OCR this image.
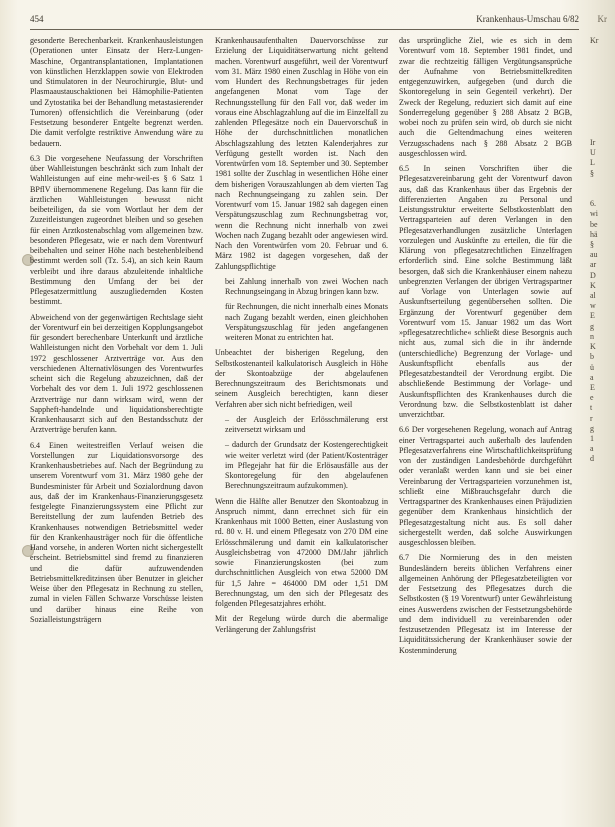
454	Krankenhaus-Umschau 6/82 Kr

gesonderte Berechenbarkeit. Krankenhausleistungen (Operationen unter Einsatz der Herz-Lungen-Maschine, Organtransplantationen, Implantationen von künstlichen Herzklappen sowie von Elektroden und Stimulatoren in der Neurochirurgie, Blut- und Plasmaaustauschaktionen bei Hämophilie-Patienten und Zytostatika bei der Behandlung metastasierender Tumoren) offensichtlich die Vereinbarung (oder Festsetzung besonderer Entgelte begrenzt werden. Die damit verfolgte restriktive Anwendung wäre zu bedauern.

6.3 Die vorgesehene Neufassung der Vorschriften über Wahlleistungen beschränkt sich zum Inhalt der Wahlleistungen auf eine mehr-weil-es § 6 Satz 1 BPflV übernommenene Regelung. Das kann für die ärztlichen Wahlleistungen bewusst nicht beibeteiligen, da sie vom Wortlaut her dem der Zuzeitleistungen zugeordnet bleiben und so gesehen für einen Arztkostenabschlag vom allgemeinen bzw. besonderen Pflegesatz, wie er nach dem Vorentwurf beibehalten und seiner Höhe nach bestehenbleibend bestimmt werden soll (Tz. 5.4), an sich kein Raum verbleibt und ihre daraus abzuleitende inhaltliche Bestimmung den Umfang der bei der Pflegesatzermittlung auszugliedernden Kosten bestimmt.

Abweichend von der gegenwärtigen Rechtslage sieht der Vorentwurf ein bei derzeitigen Kopplungsangebot für gesondert berechenbare Unterkunft und ärztliche Wahlleistungen nicht den Vorbehalt vor dem 1. Juli 1972 geschlossener Arztverträge vor. Aus den verschiedenen Alternativlösungen des Vorentwurfes scheint sich die Regelung abzuzeichnen, daß der Vorbehalt des vor dem 1. Juli 1972 geschlossenen Arztverträge nur dann wirksam wird, wenn der Sappheft-handelnde und liquidationsberechtigte Krankenhausarzt sich auf den Bestandsschutz der Arztverträge berufen kann.

6.4 Einen weitestreiflen Verlauf weisen die Vorstellungen zur Liquidationsvorsorge des Krankenhausbetriebes auf. Nach der Begründung zu unserem Vorentwurf vom 31. März 1980 gehe der Bundesminister für Arbeit und Sozialordnung davon aus, daß der im Krankenhaus-Finanzierungsgesetz festgelegte Finanzierungssystem eine Pflicht zur Bereitstellung der zum laufenden Betrieb des Krankenhauses notwendigen Betriebsmittel weder für den Krankenhausträger noch für die öffentliche Hand vorsehe, in anderen Worten nicht sichergestellt erscheint. Betriebsmittel sind fremd zu finanzieren und die dafür aufzuwendenden Betriebsmittelkreditzinsen über Benutzer in gleicher Weise über den Pflegesatz in Rechnung zu stellen, zumal in vielen Fällen Schwarze Vorschüsse leisten und darüber hinaus eine Reihe von Sozialleistungsträgern

Krankenhausaufenthalten Dauervorschüsse zur Erzielung der Liquiditätserwartung nicht geltend machen. Vorentwurf ausgeführt, weil der Vorentwurf vom 31. März 1980 einen Zuschlag in Höhe von ein vom Hundert des Rechnungsbetrages für jeden angefangenen Monat vom Tage der Rechnungsstellung für den Fall vor, daß weder im voraus eine Abschlagzahlung auf die im Einzelfall zu zahlenden Pflegesätze noch ein Dauervorschuß in Höhe der durchschnittlichen monatlichen Abschlagszahlung des letzten Kalenderjahres zur Verfügung gestellt worden ist. Nach den Vorentwürfen vom 18. September und 30. September 1981 sollte der Zuschlag in wesentlichen Höhe einer dem bisherigen Vorauszahlungen ab dem vierten Tag nach Rechnungseingang zu zahlen sein. Der Vorentwurf vom 15. Januar 1982 sah dagegen einen Verspätungszuschlag zum Rechnungsbetrag vor, wenn die Rechnung nicht innerhalb von zwei Wochen nach Zugang bezahlt oder angewiesen wird. Nach den Vorentwürfen vom 20. Februar und 6. März 1982 ist dagegen vorgesehen, daß der Zahlungspflichtige

bei Zahlung innerhalb von zwei Wochen nach Rechnungseingang in Abzug bringen kann bzw.

für Rechnungen, die nicht innerhalb eines Monats nach Zugang bezahlt werden, einen gleichhohen Verspätungszuschlag für jeden angefangenen weiteren Monat zu entrichten hat.

Unbeachtet der bisherigen Regelung, den Selbstkostenanteil kalkulatorisch Ausgleich in Höhe der Skontoabzüge der abgelaufenen Berechnungszeitraum des Berichtsmonats und seinem Ausgleich berechtigten, kann dieser Verfahren aber sich nicht befriedigen, weil

– der Ausgleich der Erlösschmälerung erst zeitversetzt wirksam und

– dadurch der Grundsatz der Kostengerechtigkeit wie weiter verletzt wird (der Patient/Kostenträger im Pflegejahr hat für die Erlösausfälle aus der Skontoregelung für den abgelaufenen Berechnungszeitraum aufzukommen).

Wenn die Hälfte aller Benutzer den Skontoabzug in Anspruch nimmt, dann errechnet sich für ein Krankenhaus mit 1000 Betten, einer Auslastung von rd. 80 v. H. und einem Pflegesatz von 270 DM eine Erlösschmälerung und damit ein kalkulatorischer Ausgleichsbetrag von 472000 DM/Jahr jährlich sowie Finanzierungskosten (bei zum durchschnittlichen Ausgleich von etwa 52000 DM für 1,5 Jahre = 464000 DM oder 1,51 DM Berechnungstag, um den sich der Pflegesatz des folgenden Pflegesatzjahres erhöht.

Mit der Regelung würde durch die abermalige Verlängerung der Zahlungsfrist

das ursprüngliche Ziel, wie es sich in dem Vorentwurf vom 18. September 1981 findet, und zwar die rechtzeitig fälligen Vergütungsansprüche der Aufnahme von Betriebsmittelkrediten entgegenzuwirken, aufgegeben (und durch die Skontoregelung in sein Gegenteil verkehrt). Der Zweck der Regelung, reduziert sich damit auf eine Sonderregelung gegenüber § 288 Absatz 2 BGB, wobei noch zu prüfen sein wird, ob durch sie nicht auch die Geltendmachung eines weiteren Verzugsschadens nach § 288 Absatz 2 BGB ausgeschlossen wird.

6.5 In seinen Vorschriften über die Pflegesatzvereinbarung geht der Vorentwurf davon aus, daß das Krankenhaus über das Ergebnis der differenzierten Angaben zu Personal und Leistungsstruktur erweiterte Selbstkostenblatt den Vertragsparteien auf deren Verlangen in den Pflegesatzverhandlungen zusätzliche Unterlagen vorzulegen und Auskünfte zu erteilen, die für die Klärung von pflegesatzrechtlichen Einzelfragen erforderlich sind. Eine solche Bestimmung läßt besorgen, daß sich die Krankenhäuser einem nahezu unbegrenzten Verlangen der übrigen Vertragspartner auf Vorlage von Unterlagen sowie auf Auskunftserteilung gegenübersehen sollten. Die Ergänzung der Vorentwurf gegenüber dem Vorentwurf vom 15. Januar 1982 um das Wort »pflegesatzrechtliche« schließt diese Besorgnis auch nicht aus, zumal sich die in ihr ändernde (unterschiedliche) Begrenzung der Vorlage- und Auskunftspflicht ebenfalls aus der Pflegesatzbestandteil der Verordnung ergibt. Die abschließende Bestimmung der Vorlage- und Auskunftspflichten des Krankenhauses durch die Verordnung bzw. die Selbstkostenblatt ist daher unverzichtbar.

6.6 Der vorgesehenen Regelung, wonach auf Antrag einer Vertragspartei auch außerhalb des laufenden Pflegesatzverfahrens eine Wirtschaftlichkeitsprüfung von der zuständigen Landesbehörde durchgeführt oder veranlaßt werden kann und sie bei einer Vereinbarung der Vertragsparteien vorzunehmen ist, schließt eine Mißbrauchsgefahr durch die Vertragspartner des Krankenhauses einen Präjudizien gegenüber dem Krankenhaus hinsichtlich der Pflegesatzgestaltung nicht aus. Es soll daher sichergestellt werden, daß solche Auswirkungen ausgeschlossen bleiben.

6.7 Die Normierung des in den meisten Bundesländern bereits üblichen Verfahrens einer allgemeinen Anhörung der Pflegesatzbeteiligten vor der Festsetzung des Pflegesatzes durch die Selbstkosten (§ 19 Vorentwurf) unter Gewährleistung eines Auswerdens zwischen der Festsetzungsbehörde und dem individuell zu vereinbarenden oder festzusetzenden Pflegesatz ist im Interesse der Liquiditätssicherung der Krankenhäuser sowie der Kostenminderung

Kr

Ir
U
L
§

6.
wi
be
hä
§
au
ar
D
K
al
w
E
g
n
K
b
ü
a
E
e
t
r
g
1
a
d
